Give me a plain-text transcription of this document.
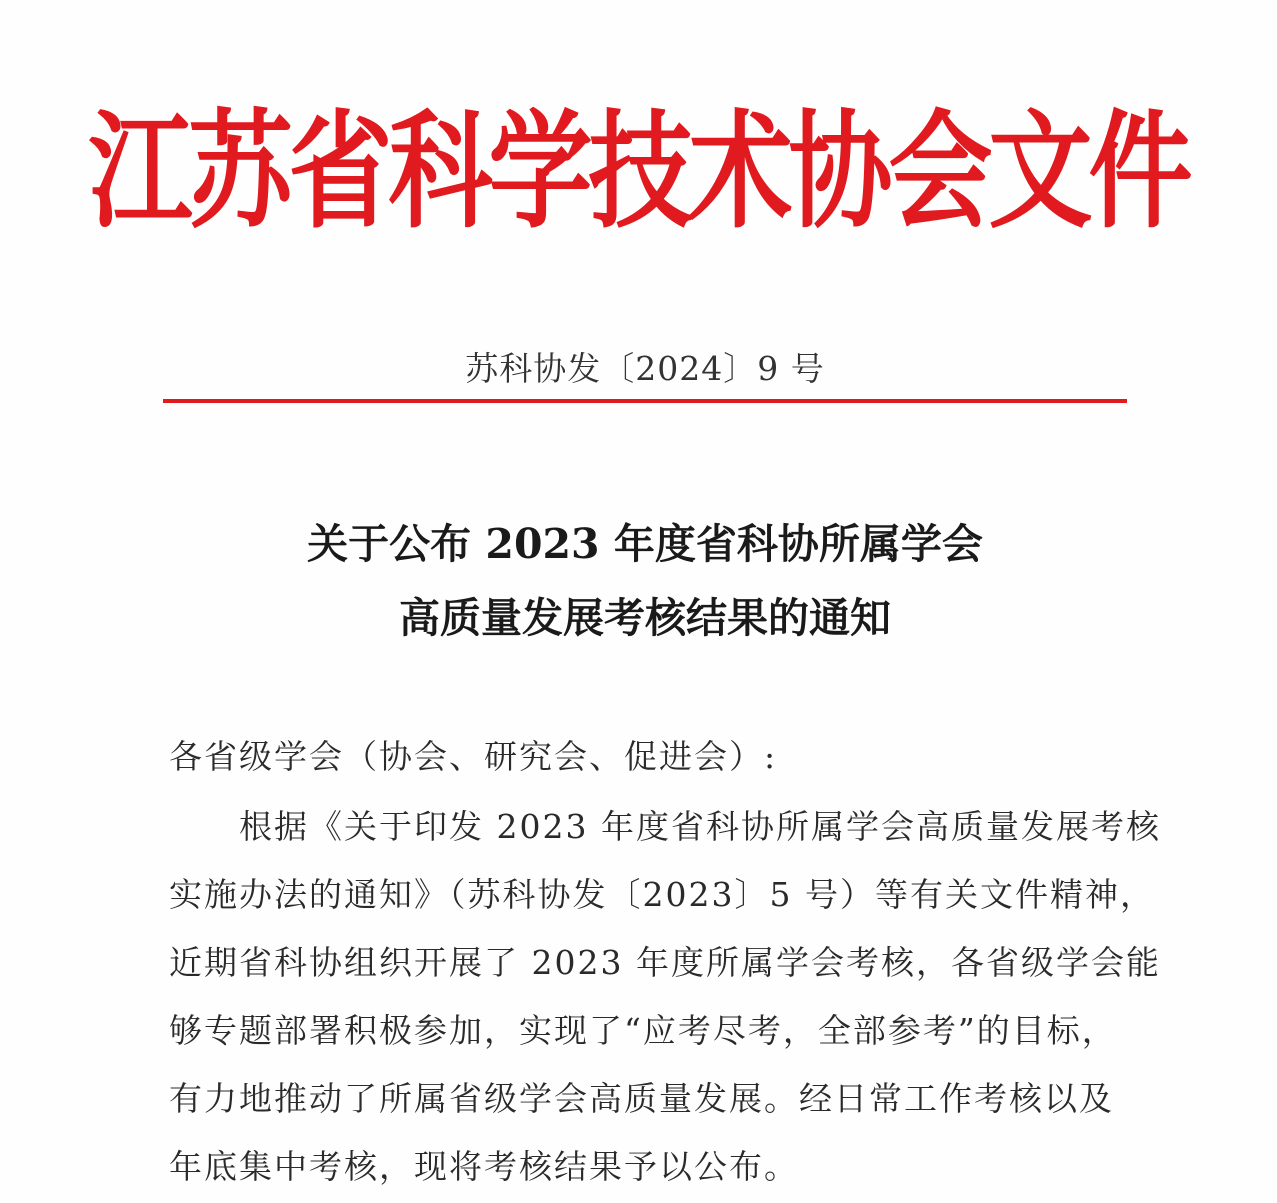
江苏省科学技术协会文件
苏科协发〔2024〕9 号
关于公布 2023 年度省科协所属学会
高质量发展考核结果的通知
各省级学会（协会、研究会、促进会）:
根据《关于印发 2023 年度省科协所属学会高质量发展考核
实施办法的通知》（苏科协发〔2023〕5 号）等有关文件精神，
近期省科协组织开展了 2023 年度所属学会考核，各省级学会能
够专题部署积极参加，实现了“应考尽考，全部参考”的目标，
有力地推动了所属省级学会高质量发展。经日常工作考核以及
年底集中考核，现将考核结果予以公布。
